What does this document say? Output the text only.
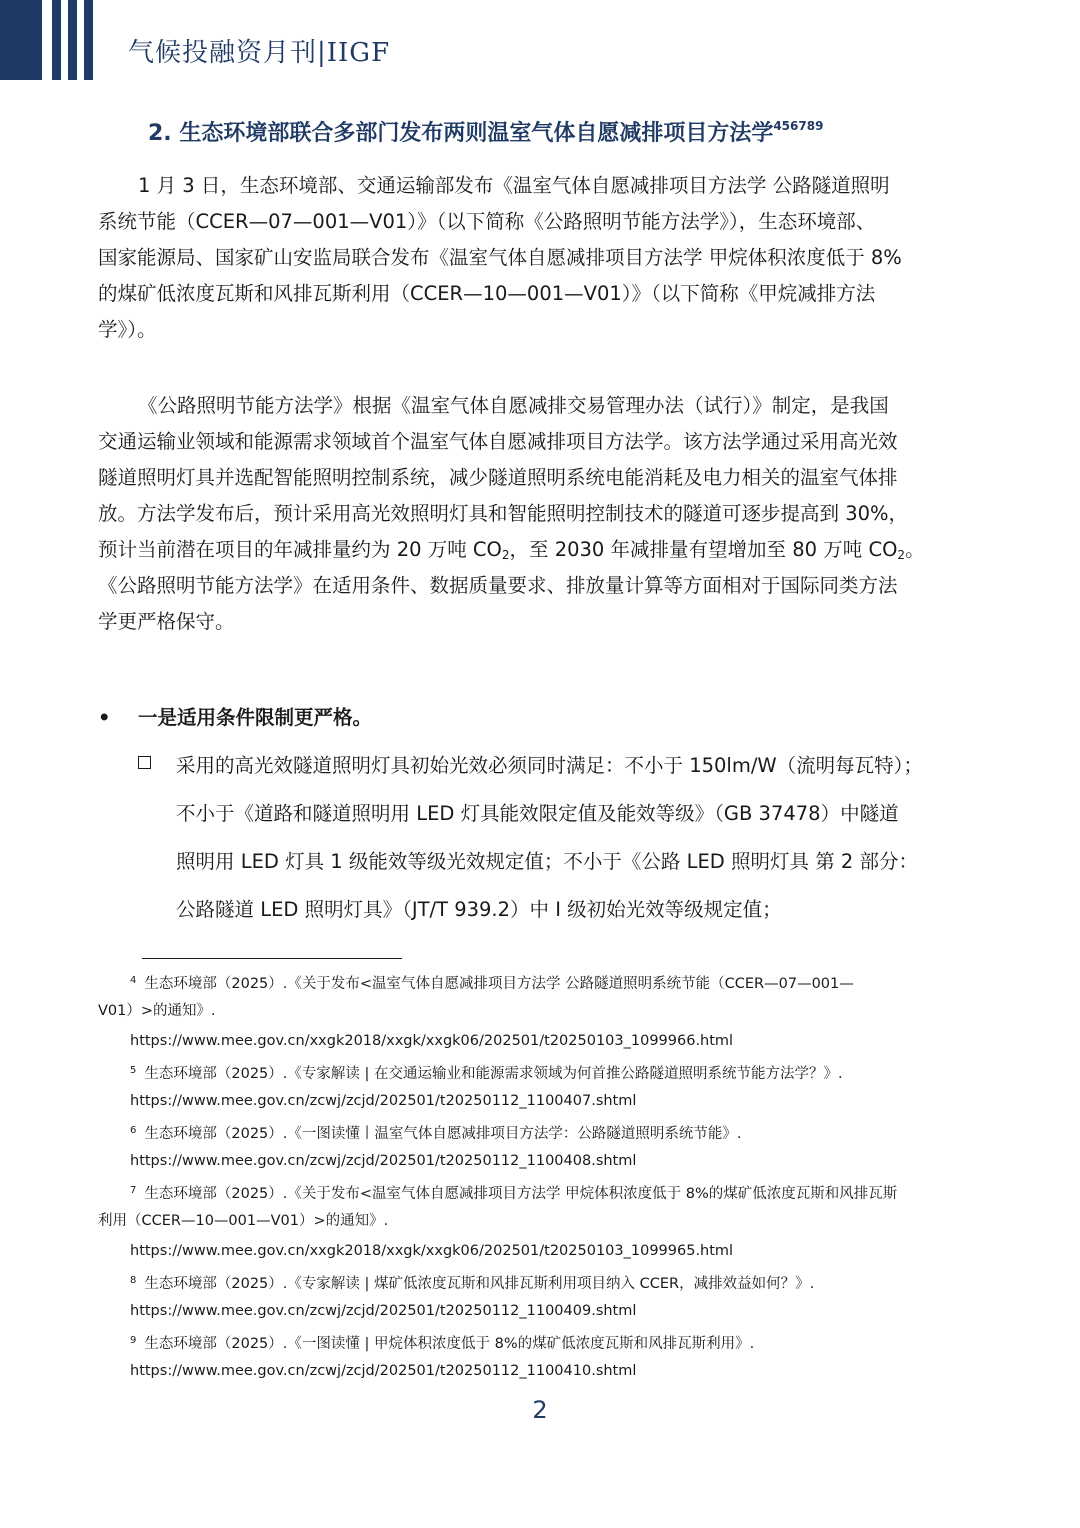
气候投融资月刊|IIGF
2. 生态环境部联合多部门发布两则温室气体自愿减排项目方法学$^{456789}$
1 月 3 日，生态环境部、交通运输部发布《温室气体自愿减排项目方法学 公路隧道照明
系统节能（CCER—07—001—V01）》（以下简称《公路照明节能方法学》），生态环境部、
国家能源局、国家矿山安监局联合发布《温室气体自愿减排项目方法学 甲烷体积浓度低于 8%
的煤矿低浓度瓦斯和风排瓦斯利用（CCER—10—001—V01）》（以下简称《甲烷减排方法
学》）。
《公路照明节能方法学》根据《温室气体自愿减排交易管理办法（试行）》制定，是我国
交通运输业领域和能源需求领域首个温室气体自愿减排项目方法学。该方法学通过采用高光效
隧道照明灯具并选配智能照明控制系统，减少隧道照明系统电能消耗及电力相关的温室气体排
放。方法学发布后，预计采用高光效照明灯具和智能照明控制技术的隧道可逐步提高到 30%，
预计当前潜在项目的年减排量约为 20 万吨 $CO_2$，至 2030 年减排量有望增加至 80 万吨 $CO_2$。
《公路照明节能方法学》在适用条件、数据质量要求、排放量计算等方面相对于国际同类方法
学更严格保守。
• 一是适用条件限制更严格。
采用的高光效隧道照明灯具初始光效必须同时满足：不小于 150lm/W（流明每瓦特）；
不小于《道路和隧道照明用 LED 灯具能效限定值及能效等级》（GB 37478）中隧道
照明用 LED 灯具 1 级能效等级光效规定值；不小于《公路 LED 照明灯具 第 2 部分：
公路隧道 LED 照明灯具》（JT/T 939.2）中 I 级初始光效等级规定值；
$^4$ 生态环境部（2025）.《关于发布<温室气体自愿减排项目方法学 公路隧道照明系统节能（CCER—07—001—
V01）>的通知》.
https://www.mee.gov.cn/xxgk2018/xxgk/xxgk06/202501/t20250103_1099966.html
$^5$ 生态环境部（2025）.《专家解读 | 在交通运输业和能源需求领域为何首推公路隧道照明系统节能方法学？》.
https://www.mee.gov.cn/zcwj/zcjd/202501/t20250112_1100407.shtml
$^6$ 生态环境部（2025）.《一图读懂丨温室气体自愿减排项目方法学：公路隧道照明系统节能》.
https://www.mee.gov.cn/zcwj/zcjd/202501/t20250112_1100408.shtml
$^7$ 生态环境部（2025）.《关于发布<温室气体自愿减排项目方法学 甲烷体积浓度低于 8%的煤矿低浓度瓦斯和风排瓦斯
利用（CCER—10—001—V01）>的通知》.
https://www.mee.gov.cn/xxgk2018/xxgk/xxgk06/202501/t20250103_1099965.html
$^8$ 生态环境部（2025）.《专家解读 | 煤矿低浓度瓦斯和风排瓦斯利用项目纳入 CCER，减排效益如何？》.
https://www.mee.gov.cn/zcwj/zcjd/202501/t20250112_1100409.shtml
$^9$ 生态环境部（2025）.《一图读懂 | 甲烷体积浓度低于 8%的煤矿低浓度瓦斯和风排瓦斯利用》.
https://www.mee.gov.cn/zcwj/zcjd/202501/t20250112_1100410.shtml
2
